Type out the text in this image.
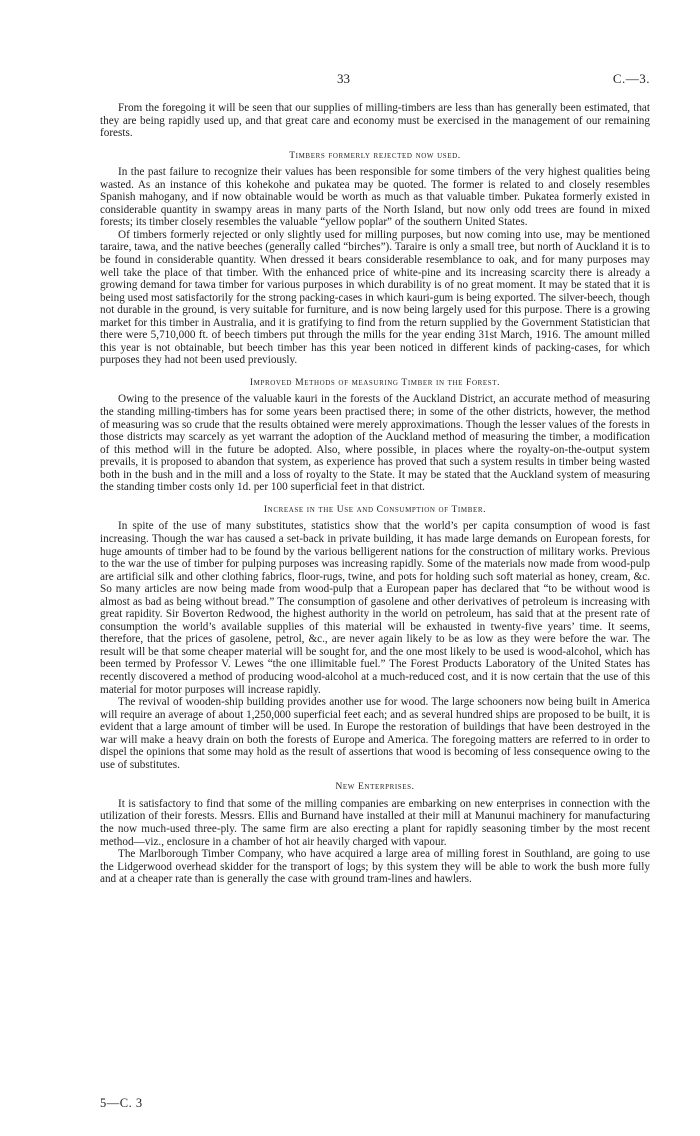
33	C.—3.

From the foregoing it will be seen that our supplies of milling-timbers are less than has generally been estimated, that they are being rapidly used up, and that great care and economy must be exercised in the management of our remaining forests.

Timbers formerly rejected now used.

In the past failure to recognize their values has been responsible for some timbers of the very highest qualities being wasted. As an instance of this kohekohe and pukatea may be quoted. The former is related to and closely resembles Spanish mahogany, and if now obtainable would be worth as much as that valuable timber. Pukatea formerly existed in considerable quantity in swampy areas in many parts of the North Island, but now only odd trees are found in mixed forests; its timber closely resembles the valuable “yellow poplar” of the southern United States.

Of timbers formerly rejected or only slightly used for milling purposes, but now coming into use, may be mentioned taraire, tawa, and the native beeches (generally called “birches”). Taraire is only a small tree, but north of Auckland it is to be found in considerable quantity. When dressed it bears considerable resemblance to oak, and for many purposes may well take the place of that timber. With the enhanced price of white-pine and its increasing scarcity there is already a growing demand for tawa timber for various purposes in which durability is of no great moment. It may be stated that it is being used most satisfactorily for the strong packing-cases in which kauri-gum is being exported. The silver-beech, though not durable in the ground, is very suitable for furniture, and is now being largely used for this purpose. There is a growing market for this timber in Australia, and it is gratifying to find from the return supplied by the Government Statistician that there were 5,710,000 ft. of beech timbers put through the mills for the year ending 31st March, 1916. The amount milled this year is not obtainable, but beech timber has this year been noticed in different kinds of packing-cases, for which purposes they had not been used previously.

Improved Methods of measuring Timber in the Forest.

Owing to the presence of the valuable kauri in the forests of the Auckland District, an accurate method of measuring the standing milling-timbers has for some years been practised there; in some of the other districts, however, the method of measuring was so crude that the results obtained were merely approximations. Though the lesser values of the forests in those districts may scarcely as yet warrant the adoption of the Auckland method of measuring the timber, a modification of this method will in the future be adopted. Also, where possible, in places where the royalty-on-the-output system prevails, it is proposed to abandon that system, as experience has proved that such a system results in timber being wasted both in the bush and in the mill and a loss of royalty to the State. It may be stated that the Auckland system of measuring the standing timber costs only 1d. per 100 superficial feet in that district.

Increase in the Use and Consumption of Timber.

In spite of the use of many substitutes, statistics show that the world’s per capita consumption of wood is fast increasing. Though the war has caused a set-back in private building, it has made large demands on European forests, for huge amounts of timber had to be found by the various belligerent nations for the construction of military works. Previous to the war the use of timber for pulping purposes was increasing rapidly. Some of the materials now made from wood-pulp are artificial silk and other clothing fabrics, floor-rugs, twine, and pots for holding such soft material as honey, cream, &c. So many articles are now being made from wood-pulp that a European paper has declared that “to be without wood is almost as bad as being without bread.” The consumption of gasolene and other derivatives of petroleum is increasing with great rapidity. Sir Boverton Redwood, the highest authority in the world on petroleum, has said that at the present rate of consumption the world’s available supplies of this material will be exhausted in twenty-five years’ time. It seems, therefore, that the prices of gasolene, petrol, &c., are never again likely to be as low as they were before the war. The result will be that some cheaper material will be sought for, and the one most likely to be used is wood-alcohol, which has been termed by Professor V. Lewes “the one illimitable fuel.” The Forest Products Laboratory of the United States has recently discovered a method of producing wood-alcohol at a much-reduced cost, and it is now certain that the use of this material for motor purposes will increase rapidly.

The revival of wooden-ship building provides another use for wood. The large schooners now being built in America will require an average of about 1,250,000 superficial feet each; and as several hundred ships are proposed to be built, it is evident that a large amount of timber will be used. In Europe the restoration of buildings that have been destroyed in the war will make a heavy drain on both the forests of Europe and America. The foregoing matters are referred to in order to dispel the opinions that some may hold as the result of assertions that wood is becoming of less consequence owing to the use of substitutes.

New Enterprises.

It is satisfactory to find that some of the milling companies are embarking on new enterprises in connection with the utilization of their forests. Messrs. Ellis and Burnand have installed at their mill at Manunui machinery for manufacturing the now much-used three-ply. The same firm are also erecting a plant for rapidly seasoning timber by the most recent method—viz., enclosure in a chamber of hot air heavily charged with vapour.

The Marlborough Timber Company, who have acquired a large area of milling forest in Southland, are going to use the Lidgerwood overhead skidder for the transport of logs; by this system they will be able to work the bush more fully and at a cheaper rate than is generally the case with ground tram-lines and hawlers.

5—C. 3
